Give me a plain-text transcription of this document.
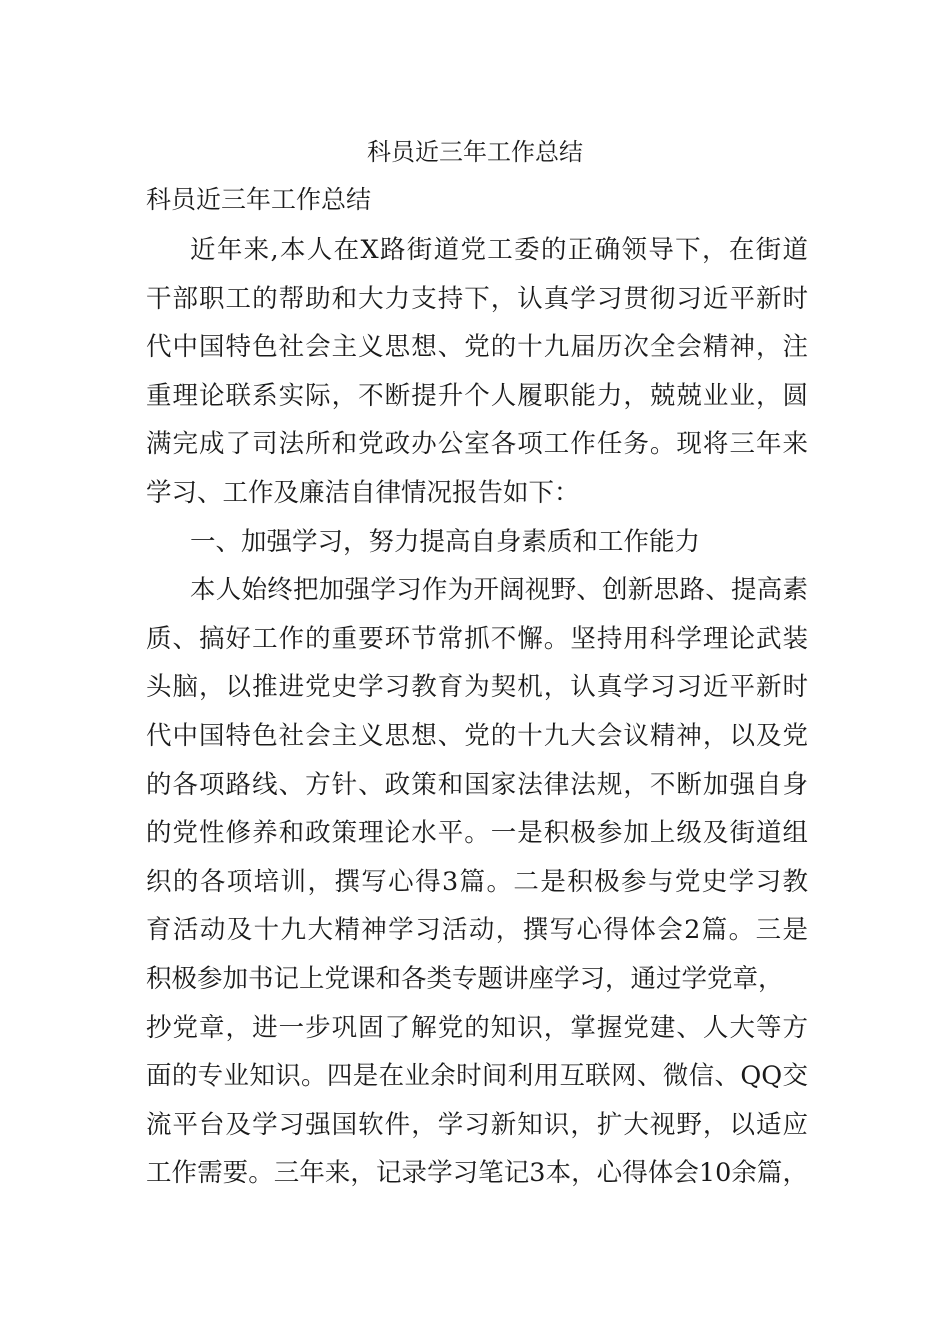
科员近三年工作总结

科员近三年工作总结

近年来,本人在X路街道党工委的正确领导下，在街道

干部职工的帮助和大力支持下，认真学习贯彻习近平新时

代中国特色社会主义思想、党的十九届历次全会精神，注

重理论联系实际，不断提升个人履职能力，兢兢业业，圆

满完成了司法所和党政办公室各项工作任务。现将三年来

学习、工作及廉洁自律情况报告如下：

一、加强学习，努力提高自身素质和工作能力

本人始终把加强学习作为开阔视野、创新思路、提高素

质、搞好工作的重要环节常抓不懈。坚持用科学理论武装

头脑，以推进党史学习教育为契机，认真学习习近平新时

代中国特色社会主义思想、党的十九大会议精神，以及党

的各项路线、方针、政策和国家法律法规，不断加强自身

的党性修养和政策理论水平。一是积极参加上级及街道组

织的各项培训，撰写心得3篇。二是积极参与党史学习教

育活动及十九大精神学习活动，撰写心得体会2篇。三是

积极参加书记上党课和各类专题讲座学习，通过学党章，

抄党章，进一步巩固了解党的知识，掌握党建、人大等方

面的专业知识。四是在业余时间利用互联网、微信、QQ交

流平台及学习强国软件，学习新知识，扩大视野，以适应

工作需要。三年来，记录学习笔记3本，心得体会10余篇，
